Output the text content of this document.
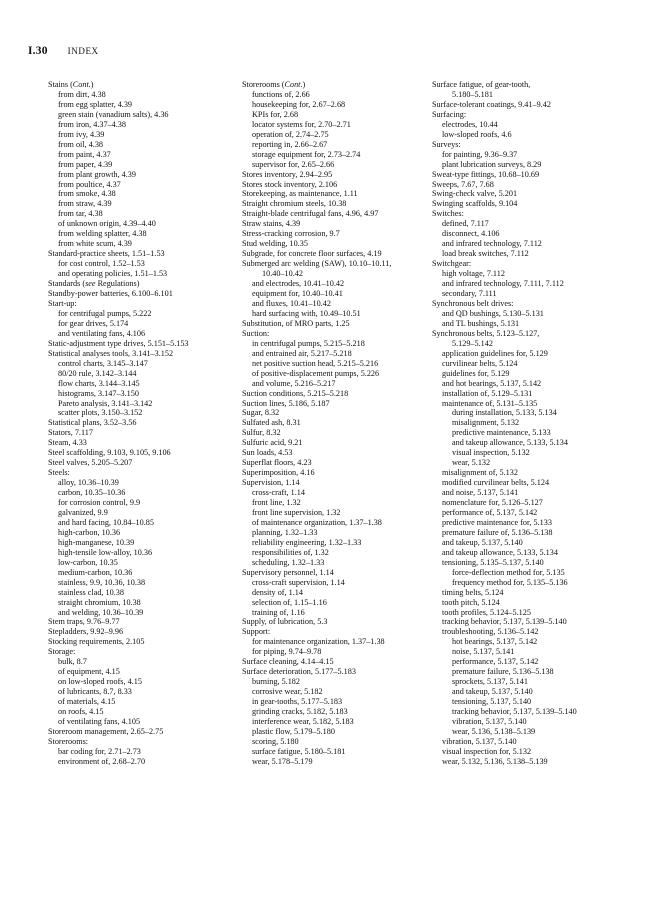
I.30 INDEX
Stains (Cont.)
from dirt, 4.38
from egg splatter, 4.39
green stain (vanadium salts), 4.36
from iron, 4.37–4.38
from ivy, 4.39
from oil, 4.38
from paint, 4.37
from paper, 4.39
from plant growth, 4.39
from poultice, 4.37
from smoke, 4.38
from straw, 4.39
from tar, 4.38
of unknown origin, 4.39–4.40
from welding splatter, 4.38
from white scum, 4.39
Standard-practice sheets, 1.51–1.53
for cost control, 1.52–1.53
and operating policies, 1.51–1.53
Standards (see Regulations)
Standby-power batteries, 6.100–6.101
Start-up:
for centrifugal pumps, 5.222
for gear drives, 5.174
and ventilating fans, 4.106
Static-adjustment type drives, 5.151–5.153
Statistical analyses tools, 3.141–3.152
control charts, 3.145–3.147
80/20 rule, 3.142–3.144
flow charts, 3.144–3.145
histograms, 3.147–3.150
Pareto analysis, 3.141–3.142
scatter plots, 3.150–3.152
Statistical plans, 3.52–3.56
Stators, 7.117
Steam, 4.33
Steel scaffolding, 9.103, 9.105, 9.106
Steel valves, 5.205–5.207
Steels:
alloy, 10.36–10.39
carbon, 10.35–10.36
for corrosion control, 9.9
galvanized, 9.9
and hard facing, 10.84–10.85
high-carbon, 10.36
high-manganese, 10.39
high-tensile low-alloy, 10.36
low-carbon, 10.35
medium-carbon, 10.36
stainless, 9.9, 10.36, 10.38
stainless clad, 10.38
straight chromium, 10.38
and welding, 10.36–10.39
Stem traps, 9.76–9.77
Stepladders, 9.92–9.96
Stocking requirements, 2.105
Storage:
bulk, 8.7
of equipment, 4.15
on low-sloped roofs, 4.15
of lubricants, 8.7, 8.33
of materials, 4.15
on roofs, 4.15
of ventilating fans, 4.105
Storeroom management, 2.65–2.75
Storerooms:
bar coding for, 2.71–2.73
environment of, 2.68–2.70
Storerooms (Cont.)
functions of, 2.66
housekeeping for, 2.67–2.68
KPIs for, 2.68
locator systems for, 2.70–2.71
operation of, 2.74–2.75
reporting in, 2.66–2.67
storage equipment for, 2.73–2.74
supervisor for, 2.65–2.66
Stores inventory, 2.94–2.95
Stores stock inventory, 2.106
Storekeeping, as maintenance, 1.11
Straight chromium steels, 10.38
Straight-blade centrifugal fans, 4.96, 4.97
Straw stains, 4.39
Stress-cracking corrosion, 9.7
Stud welding, 10.35
Subgrade, for concrete floor surfaces, 4.19
Submerged arc welding (SAW), 10.10–10.11,
10.40–10.42
and electrodes, 10.41–10.42
equipment for, 10.40–10.41
and fluxes, 10.41–10.42
hard surfacing with, 10.49–10.51
Substitution, of MRO parts, 1.25
Suction:
in centrifugal pumps, 5.215–5.218
and entrained air, 5.217–5.218
net positive suction head, 5.215–5.216
of positive-displacement pumps, 5.226
and volume, 5.216–5.217
Suction conditions, 5.215–5.218
Suction lines, 5.186, 5.187
Sugar, 8.32
Sulfated ash, 8.31
Sulfur, 8.32
Sulfuric acid, 9.21
Sun loads, 4.53
Superflat floors, 4.23
Superimposition, 4.16
Supervision, 1.14
cross-craft, 1.14
front line, 1.32
front line supervision, 1.32
of maintenance organization, 1.37–1.38
planning, 1.32–1.33
reliability engineering, 1.32–1.33
responsibilities of, 1.32
scheduling, 1.32–1.33
Supervisory personnel, 1.14
cross-craft supervision, 1.14
density of, 1.14
selection of, 1.15–1.16
training of, 1.16
Supply, of lubrication, 5.3
Support:
for maintenance organization, 1.37–1.38
for piping, 9.74–9.78
Surface cleaning, 4.14–4.15
Surface deterioration, 5.177–5.183
burning, 5.182
corrosive wear, 5.182
in gear-tooths, 5.177–5.183
grinding cracks, 5.182, 5.183
interference wear, 5.182, 5.183
plastic flow, 5.179–5.180
scoring, 5.180
surface fatigue, 5.180–5.181
wear, 5.178–5.179
Surface fatigue, of gear-tooth,
5.180–5.181
Surface-tolerant coatings, 9.41–9.42
Surfacing:
electrodes, 10.44
low-sloped roofs, 4.6
Surveys:
for painting, 9.36–9.37
plant lubrication surveys, 8.29
Sweat-type fittings, 10.68–10.69
Sweeps, 7.67, 7.68
Swing-check valve, 5.201
Swinging scaffolds, 9.104
Switches:
defined, 7.117
disconnect, 4.106
and infrared technology, 7.112
load break switches, 7.112
Switchgear:
high voltage, 7.112
and infrared technology, 7.111, 7.112
secondary, 7.111
Synchronous belt drives:
and QD bushings, 5.130–5.131
and TL bushings, 5.131
Synchronous belts, 5.123–5.127,
5.129–5.142
application guidelines for, 5.129
curvilinear belts, 5.124
guidelines for, 5.129
and hot bearings, 5.137, 5.142
installation of, 5.129–5.131
maintenance of, 5.131–5.135
during installation, 5.133, 5.134
misalignment, 5.132
predictive maintenance, 5.133
and takeup allowance, 5.133, 5.134
visual inspection, 5.132
wear, 5.132
misalignment of, 5.132
modified curvilinear belts, 5.124
and noise, 5.137, 5.141
nomenclature for, 5.126–5.127
performance of, 5.137, 5.142
predictive maintenance for, 5.133
premature failure of, 5.136–5.138
and takeup, 5.137, 5.140
and takeup allowance, 5.133, 5.134
tensioning, 5.135–5.137, 5.140
force-deflection method for, 5.135
frequency method for, 5.135–5.136
timing belts, 5.124
tooth pitch, 5.124
tooth profiles, 5.124–5.125
tracking behavior, 5.137, 5.139–5.140
troubleshooting, 5.136–5.142
hot bearings, 5.137, 5.142
noise, 5.137, 5.141
performance, 5.137, 5.142
premature failure, 5.136–5.138
sprockets, 5.137, 5.141
and takeup, 5.137, 5.140
tensioning, 5.137, 5.140
tracking behavior, 5.137, 5.139–5.140
vibration, 5.137, 5.140
wear, 5.136, 5.138–5.139
vibration, 5.137, 5.140
visual inspection for, 5.132
wear, 5.132, 5.136, 5.138–5.139
